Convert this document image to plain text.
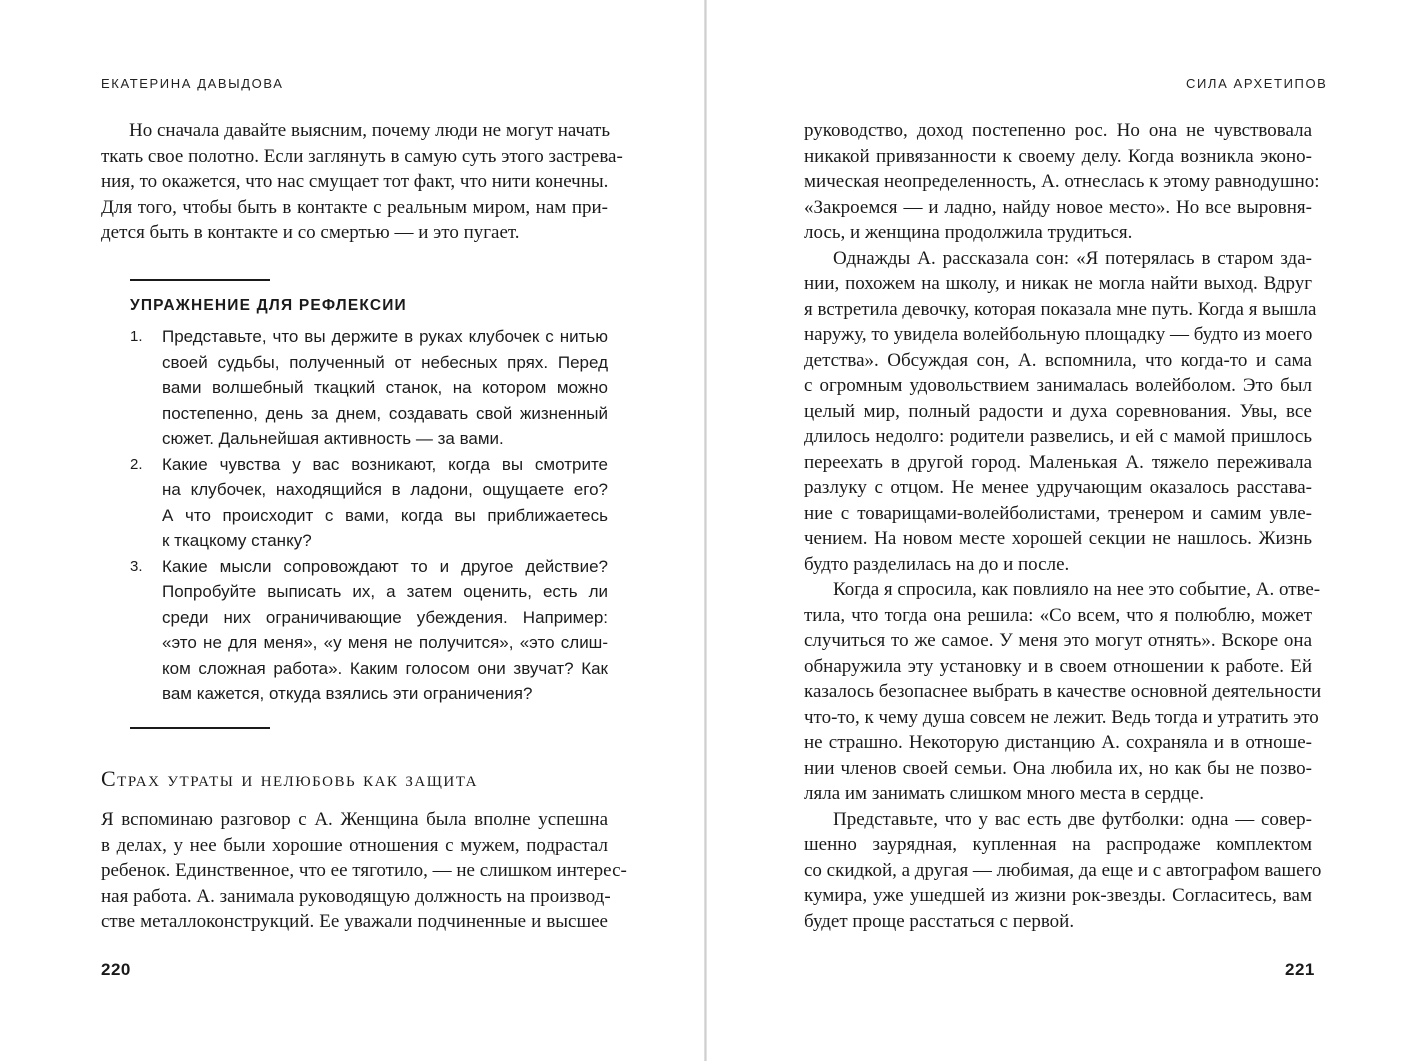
ЕКАТЕРИНА ДАВЫДОВА
Но сначала давайте выясним, почему люди не могут начать
ткать свое полотно. Если заглянуть в самую суть этого застрева-
ния, то окажется, что нас смущает тот факт, что нити конечны.
Для того, чтобы быть в контакте с реальным миром, нам при-
дется быть в контакте и со смертью — и это пугает.
УПРАЖНЕНИЕ ДЛЯ РЕФЛЕКСИИ
1. Представьте, что вы держите в руках клубочек с нитью
своей судьбы, полученный от небесных прях. Перед
вами волшебный ткацкий станок, на котором можно
постепенно, день за днем, создавать свой жизненный
сюжет. Дальнейшая активность — за вами.
2. Какие чувства у вас возникают, когда вы смотрите
на клубочек, находящийся в ладони, ощущаете его?
А что происходит с вами, когда вы приближаетесь
к ткацкому станку?
3. Какие мысли сопровождают то и другое действие?
Попробуйте выписать их, а затем оценить, есть ли
среди них ограничивающие убеждения. Например:
«это не для меня», «у меня не получится», «это слиш-
ком сложная работа». Каким голосом они звучат? Как
вам кажется, откуда взялись эти ограничения?
Страх утраты и нелюбовь как защита
Я вспоминаю разговор с А. Женщина была вполне успешна
в делах, у нее были хорошие отношения с мужем, подрастал
ребенок. Единственное, что ее тяготило, — не слишком интерес-
ная работа. А. занимала руководящую должность на производ-
стве металлоконструкций. Ее уважали подчиненные и высшее
220
СИЛА АРХЕТИПОВ
руководство, доход постепенно рос. Но она не чувствовала
никакой привязанности к своему делу. Когда возникла эконо-
мическая неопределенность, А. отнеслась к этому равнодушно:
«Закроемся — и ладно, найду новое место». Но все выровня-
лось, и женщина продолжила трудиться.
Однажды А. рассказала сон: «Я потерялась в старом зда-
нии, похожем на школу, и никак не могла найти выход. Вдруг
я встретила девочку, которая показала мне путь. Когда я вышла
наружу, то увидела волейбольную площадку — будто из моего
детства». Обсуждая сон, А. вспомнила, что когда-то и сама
с огромным удовольствием занималась волейболом. Это был
целый мир, полный радости и духа соревнования. Увы, все
длилось недолго: родители развелись, и ей с мамой пришлось
переехать в другой город. Маленькая А. тяжело переживала
разлуку с отцом. Не менее удручающим оказалось расстава-
ние с товарищами-волейболистами, тренером и самим увле-
чением. На новом месте хорошей секции не нашлось. Жизнь
будто разделилась на до и после.
Когда я спросила, как повлияло на нее это событие, А. отве-
тила, что тогда она решила: «Со всем, что я полюблю, может
случиться то же самое. У меня это могут отнять». Вскоре она
обнаружила эту установку и в своем отношении к работе. Ей
казалось безопаснее выбрать в качестве основной деятельности
что-то, к чему душа совсем не лежит. Ведь тогда и утратить это
не страшно. Некоторую дистанцию А. сохраняла и в отноше-
нии членов своей семьи. Она любила их, но как бы не позво-
ляла им занимать слишком много места в сердце.
Представьте, что у вас есть две футболки: одна — совер-
шенно заурядная, купленная на распродаже комплектом
со скидкой, а другая — любимая, да еще и с автографом вашего
кумира, уже ушедшей из жизни рок-звезды. Согласитесь, вам
будет проще расстаться с первой.
221
